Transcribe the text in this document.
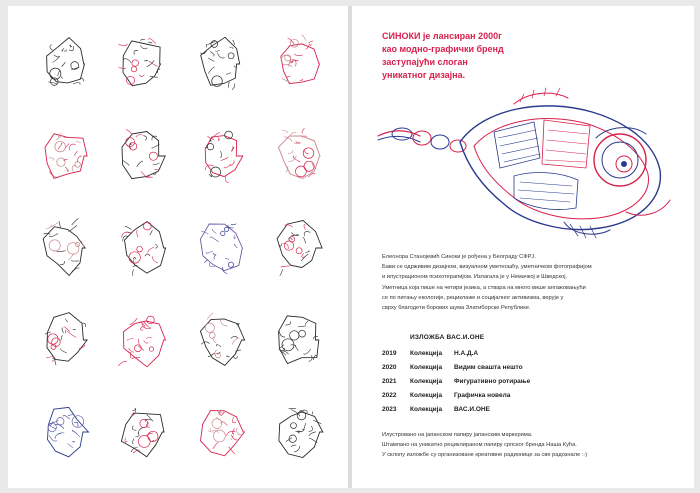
СИНОКИ је лансиран 2000г
као модно-графички бренд
заступајући слоган
уникатног дизајна.
Елеонора Станојевић Синоки је рођена у Београду СФРЈ.
Бави се одрживим дизајном, визуалном уметношћу, уметничком фотографијом
и илустрационом психотерапијом. Излагала је у Немачкој и Шведској.
Уметница која пише на четири језика, а ствара на много више ангажовањући
се по питању екологије, рециклаже и социјалног активизма, верује у
сврху благодети боровиx шума Златиборске Републике.
ИЗЛОЖБА ВАС.И.ОНЕ
2019	Колекција Н.А.Д.А
2020	Колекција Видим свашта нешто
2021	Колекција Фигуративно ротирање
2022	Колекција Графичка новела
2023	Колекција ВАС.И.ОНЕ
Илустровано на јапанском папиру јапанским маркерима.
Штампано на уникатно рециклираном папиру српског бренда Наша Кућа.
У склопу изложбе су организоване креативне радионице за све радознале :-)
